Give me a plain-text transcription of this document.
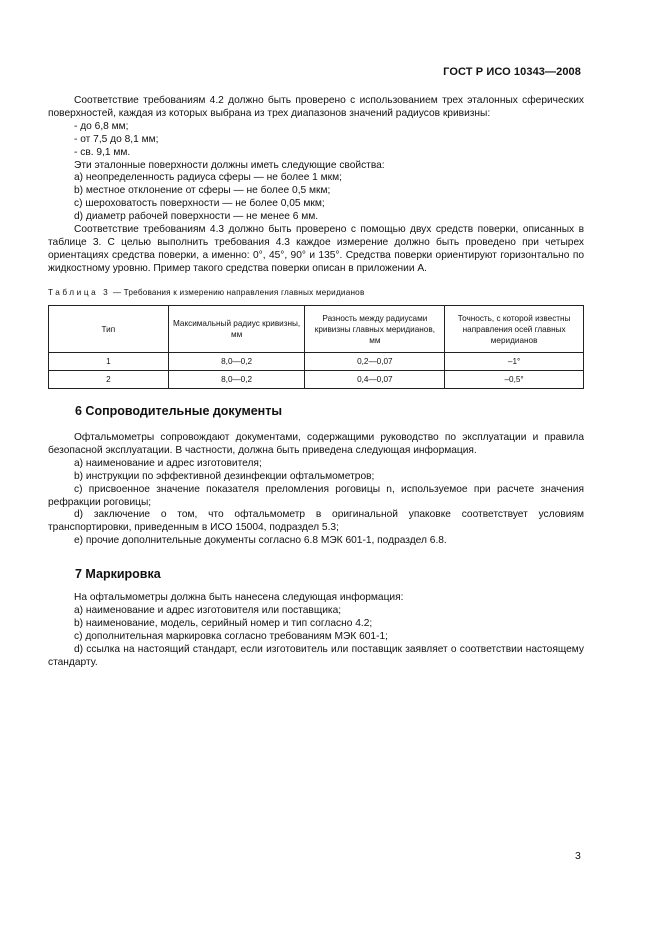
ГОСТ Р ИСО 10343—2008

Соответствие требованиям 4.2 должно быть проверено с использованием трех эталонных сферических поверхностей, каждая из которых выбрана из трех диапазонов значений радиусов кривизны:

- до 6,8 мм;

- от 7,5 до 8,1 мм;

- св. 9,1 мм.

Эти эталонные поверхности должны иметь следующие свойства:

a) неопределенность радиуса сферы — не более 1 мкм;

b) местное отклонение от сферы — не более 0,5 мкм;

c) шероховатость поверхности — не более 0,05 мкм;

d) диаметр рабочей поверхности — не менее 6 мм.

Соответствие требованиям 4.3 должно быть проверено с помощью двух средств поверки, описанных в таблице 3. С целью выполнить требования 4.3 каждое измерение должно быть проведено при четырех ориентациях средства поверки, а именно: 0°, 45°, 90° и 135°. Средства поверки ориентируют горизонтально по жидкостному уровню. Пример такого средства поверки описан в приложении А.

Таблица 3 — Требования к измерению направления главных меридианов
Тип	Максимальный радиус кривизны, мм	Разность между радиусами кривизны главных меридианов, мм	Точность, с которой известны направления осей главных меридианов
1	8,0—0,2	0,2—0,07	–1°
2	8,0—0,2	0,4—0,07	–0,5°
6 Сопроводительные документы

Офтальмометры сопровождают документами, содержащими руководство по эксплуатации и правила безопасной эксплуатации. В частности, должна быть приведена следующая информация.

a) наименование и адрес изготовителя;

b) инструкции по эффективной дезинфекции офтальмометров;

c) присвоенное значение показателя преломления роговицы n, используемое при расчете значения рефракции роговицы;

d) заключение о том, что офтальмометр в оригинальной упаковке соответствует условиям транспортировки, приведенным в ИСО 15004, подраздел 5.3;

e) прочие дополнительные документы согласно 6.8 МЭК 601-1, подраздел 6.8.

7 Маркировка

На офтальмометры должна быть нанесена следующая информация:

a) наименование и адрес изготовителя или поставщика;

b) наименование, модель, серийный номер и тип согласно 4.2;

c) дополнительная маркировка согласно требованиям МЭК 601-1;

d) ссылка на настоящий стандарт, если изготовитель или поставщик заявляет о соответствии настоящему стандарту.

3
